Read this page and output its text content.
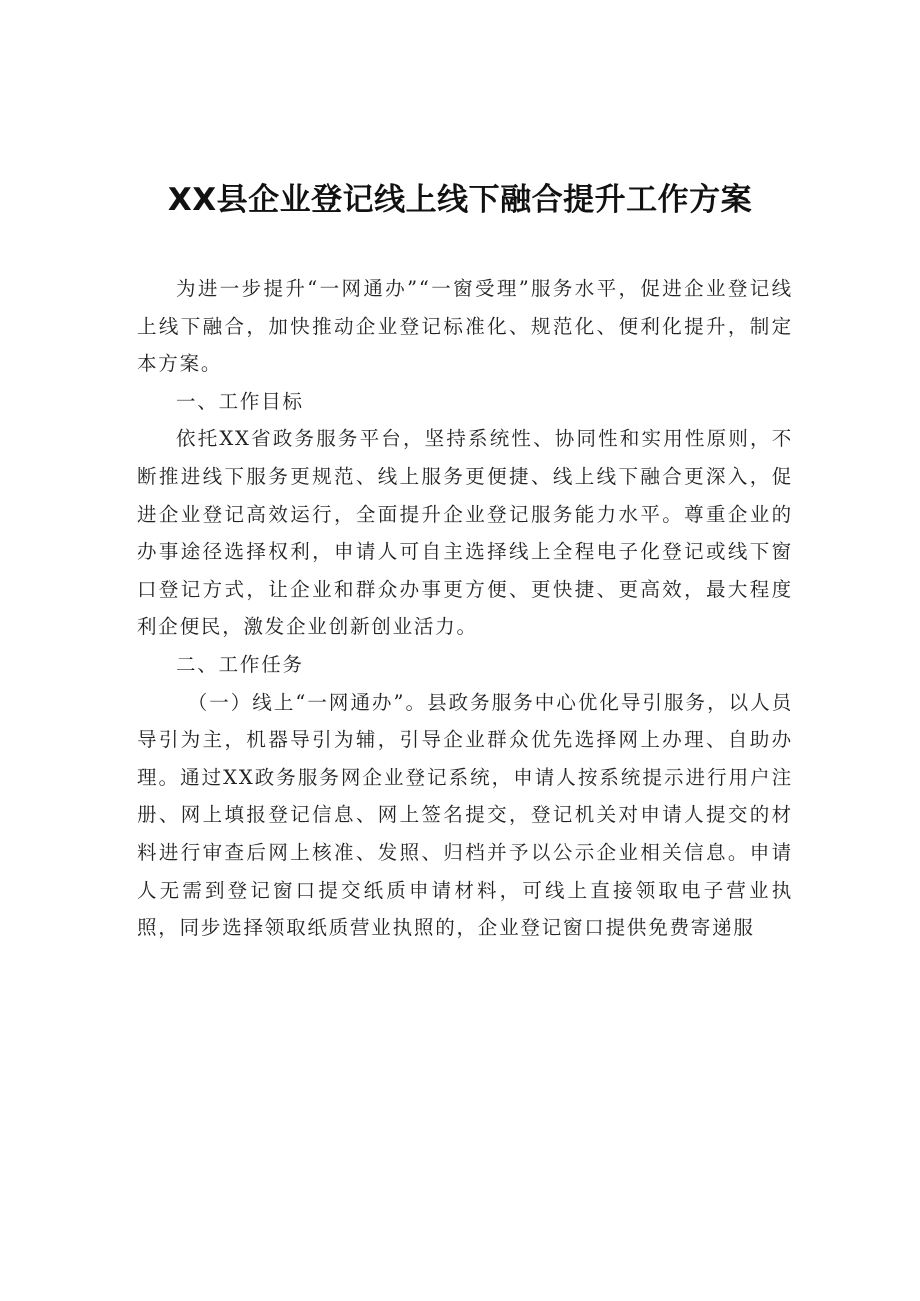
XX县企业登记线上线下融合提升工作方案

为进一步提升“一网通办”“一窗受理”服务水平，促进企业登记线上线下融合，加快推动企业登记标准化、规范化、便利化提升，制定本方案。

一、工作目标

依托XX省政务服务平台，坚持系统性、协同性和实用性原则，不断推进线下服务更规范、线上服务更便捷、线上线下融合更深入，促进企业登记高效运行，全面提升企业登记服务能力水平。尊重企业的办事途径选择权利，申请人可自主选择线上全程电子化登记或线下窗口登记方式，让企业和群众办事更方便、更快捷、更高效，最大程度利企便民，激发企业创新创业活力。

二、工作任务

（一）线上“一网通办”。县政务服务中心优化导引服务，以人员导引为主，机器导引为辅，引导企业群众优先选择网上办理、自助办理。通过XX政务服务网企业登记系统，申请人按系统提示进行用户注册、网上填报登记信息、网上签名提交，登记机关对申请人提交的材料进行审查后网上核准、发照、归档并予以公示企业相关信息。申请人无需到登记窗口提交纸质申请材料，可线上直接领取电子营业执照，同步选择领取纸质营业执照的，企业登记窗口提供免费寄递服
